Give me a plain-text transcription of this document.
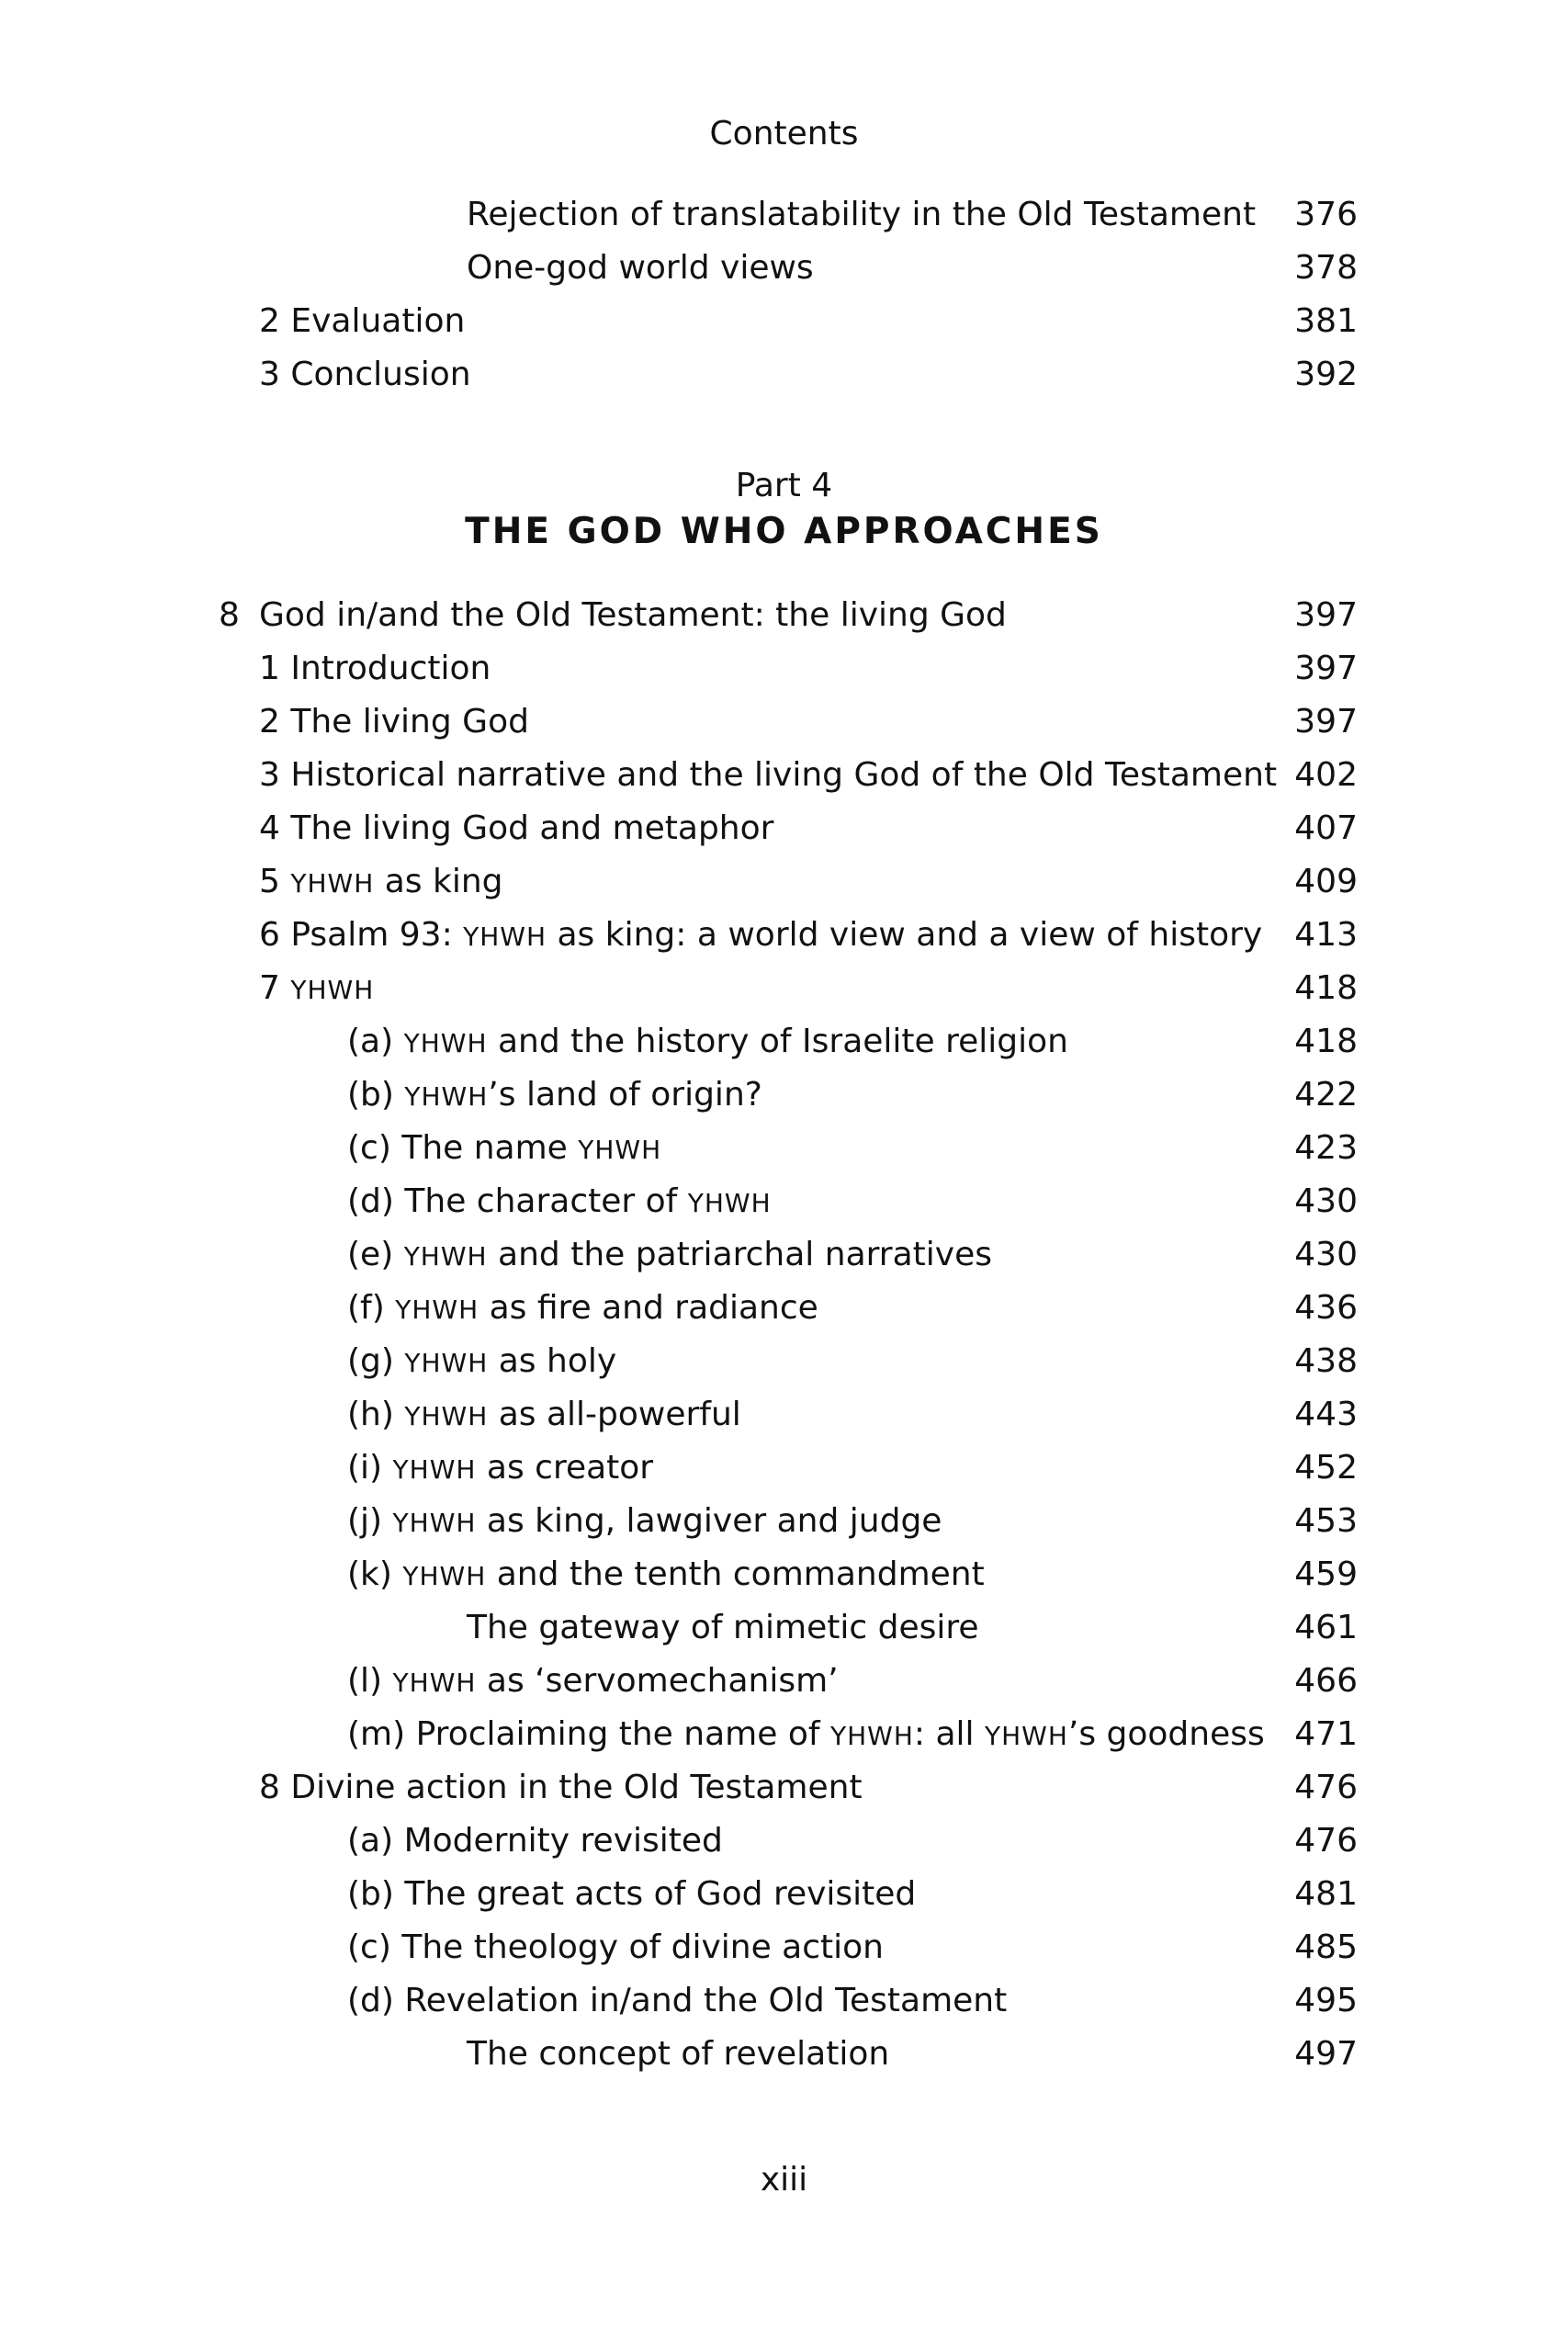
Contents
Rejection of translatability in the Old Testament	376
One-god world views	378
2 Evaluation	381
3 Conclusion	392
Part 4
THE GOD WHO APPROACHES
8 God in/and the Old Testament: the living God	397
1 Introduction	397
2 The living God	397
3 Historical narrative and the living God of the Old Testament 402
4 The living God and metaphor	407
5 YHWH as king	409
6 Psalm 93: YHWH as king: a world view and a view of history 413
7 YHWH	418
(a) YHWH and the history of Israelite religion	418
(b) YHWH’s land of origin?	422
(c) The name YHWH	423
(d) The character of YHWH	430
(e) YHWH and the patriarchal narratives	430
(f) YHWH as fire and radiance	436
(g) YHWH as holy	438
(h) YHWH as all-powerful	443
(i) YHWH as creator	452
(j) YHWH as king, lawgiver and judge	453
(k) YHWH and the tenth commandment	459
The gateway of mimetic desire	461
(l) YHWH as ‘servomechanism’	466
(m) Proclaiming the name of YHWH: all YHWH’s goodness 471
8 Divine action in the Old Testament	476
(a) Modernity revisited	476
(b) The great acts of God revisited	481
(c) The theology of divine action	485
(d) Revelation in/and the Old Testament	495
The concept of revelation	497
xiii
